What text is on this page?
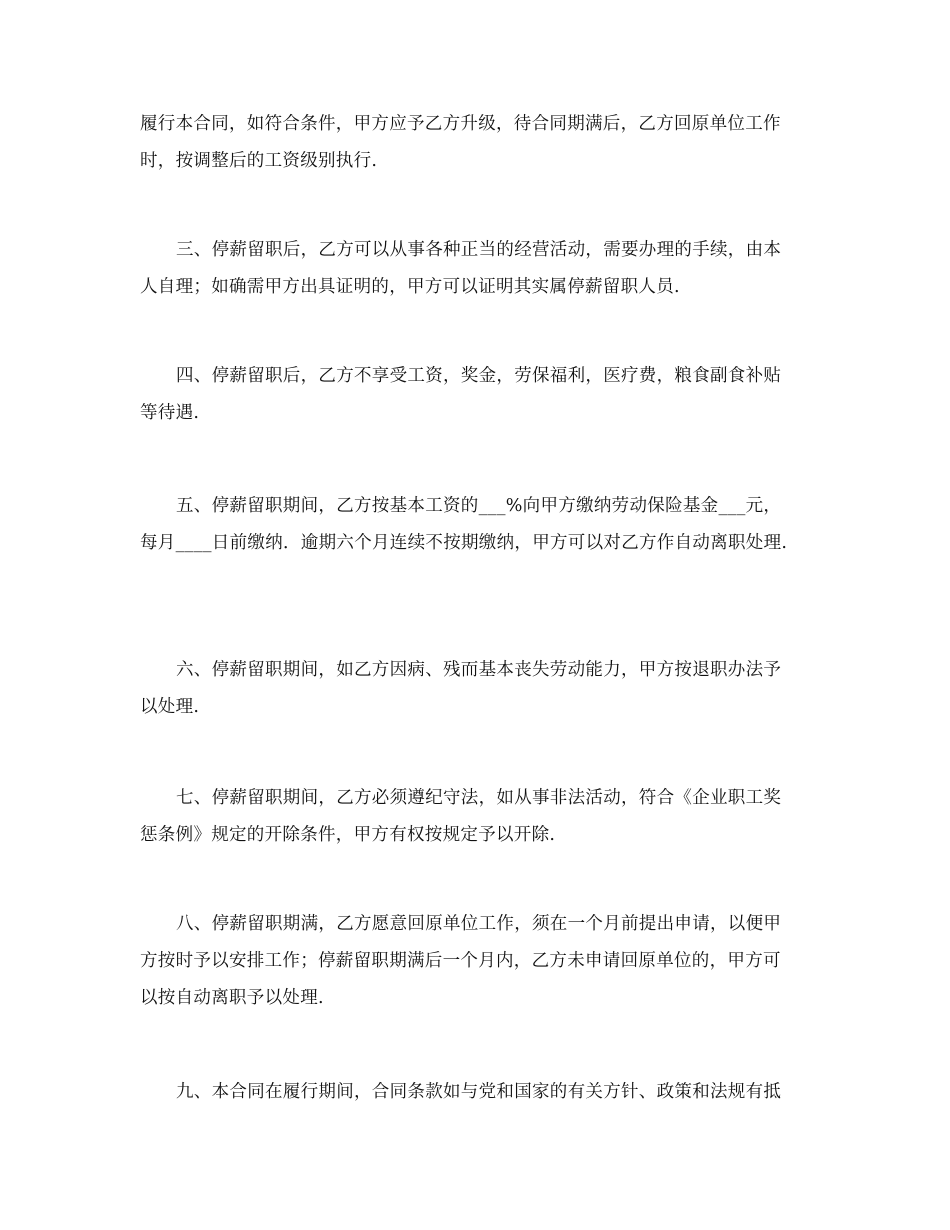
履行本合同，如符合条件，甲方应予乙方升级，待合同期满后，乙方回原单位工作
时，按调整后的工资级别执行.
三、停薪留职后，乙方可以从事各种正当的经营活动，需要办理的手续，由本
人自理；如确需甲方出具证明的，甲方可以证明其实属停薪留职人员.
四、停薪留职后，乙方不享受工资，奖金，劳保福利，医疗费，粮食副食补贴
等待遇.
五、停薪留职期间，乙方按基本工资的___%向甲方缴纳劳动保险基金___元，
每月____日前缴纳．逾期六个月连续不按期缴纳，甲方可以对乙方作自动离职处理.
六、停薪留职期间，如乙方因病、残而基本丧失劳动能力，甲方按退职办法予
以处理.
七、停薪留职期间，乙方必须遵纪守法，如从事非法活动，符合《企业职工奖
惩条例》规定的开除条件，甲方有权按规定予以开除.
八、停薪留职期满，乙方愿意回原单位工作，须在一个月前提出申请，以便甲
方按时予以安排工作；停薪留职期满后一个月内，乙方未申请回原单位的，甲方可
以按自动离职予以处理.
九、本合同在履行期间，合同条款如与党和国家的有关方针、政策和法规有抵
